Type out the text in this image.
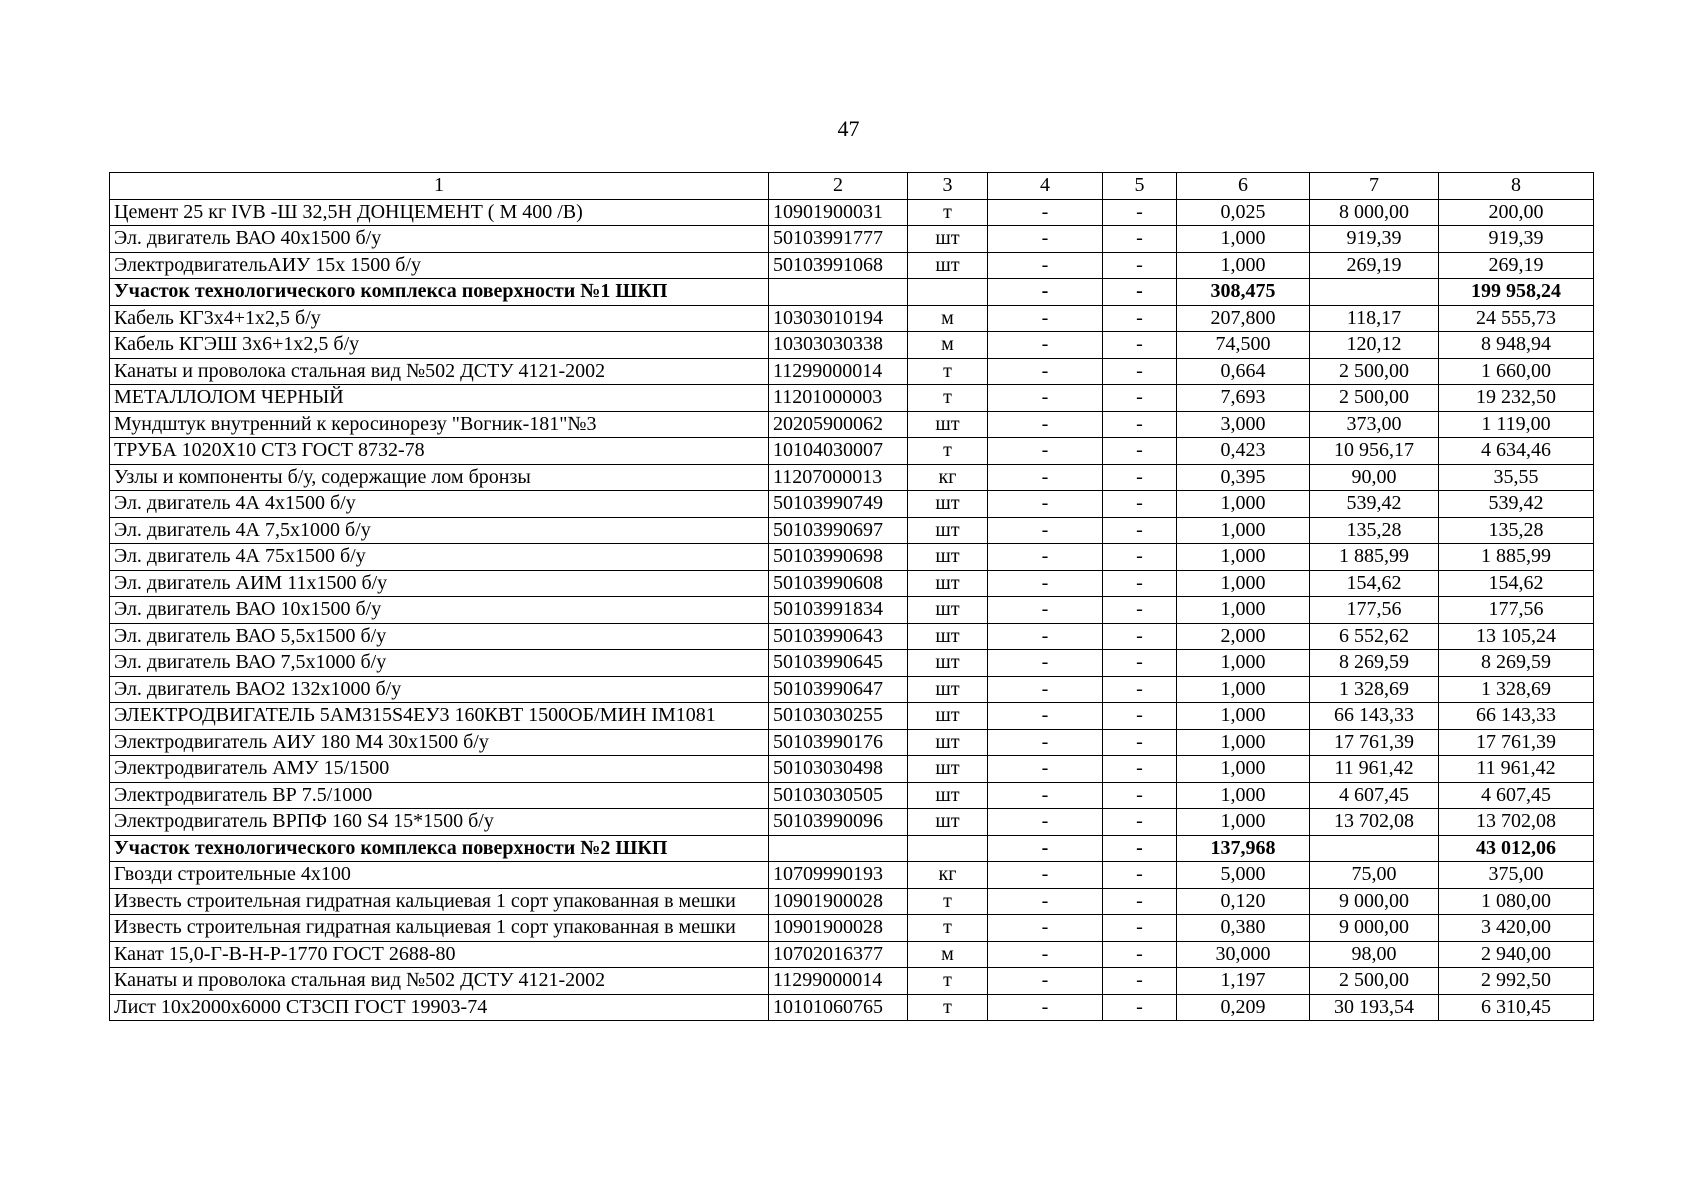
47
1	2	3	4	5	6	7	8
Цемент 25 кг IVB -Ш 32,5Н ДОНЦЕМЕНТ ( М 400 /В)	10901900031	т	-	-	0,025	8 000,00	200,00
Эл. двигатель ВАО 40х1500 б/у	50103991777	шт	-	-	1,000	919,39	919,39
ЭлектродвигательАИУ 15х 1500 б/у	50103991068	шт	-	-	1,000	269,19	269,19
Участок технологического комплекса поверхности №1 ШКП			-	-	308,475		199 958,24
Кабель КГ3х4+1х2,5 б/у	10303010194	м	-	-	207,800	118,17	24 555,73
Кабель КГЭШ 3х6+1х2,5 б/у	10303030338	м	-	-	74,500	120,12	8 948,94
Канаты и проволока стальная вид №502 ДСТУ 4121-2002	11299000014	т	-	-	0,664	2 500,00	1 660,00
МЕТАЛЛОЛОМ ЧЕРНЫЙ	11201000003	т	-	-	7,693	2 500,00	19 232,50
Мундштук внутренний к керосинорезу "Вогник-181"№3	20205900062	шт	-	-	3,000	373,00	1 119,00
ТРУБА 1020Х10 СТ3 ГОСТ 8732-78	10104030007	т	-	-	0,423	10 956,17	4 634,46
Узлы и компоненты б/у, содержащие лом бронзы	11207000013	кг	-	-	0,395	90,00	35,55
Эл. двигатель 4А 4х1500 б/у	50103990749	шт	-	-	1,000	539,42	539,42
Эл. двигатель 4А 7,5х1000 б/у	50103990697	шт	-	-	1,000	135,28	135,28
Эл. двигатель 4А 75х1500 б/у	50103990698	шт	-	-	1,000	1 885,99	1 885,99
Эл. двигатель АИМ 11х1500 б/у	50103990608	шт	-	-	1,000	154,62	154,62
Эл. двигатель ВАО 10х1500 б/у	50103991834	шт	-	-	1,000	177,56	177,56
Эл. двигатель ВАО 5,5х1500 б/у	50103990643	шт	-	-	2,000	6 552,62	13 105,24
Эл. двигатель ВАО 7,5х1000 б/у	50103990645	шт	-	-	1,000	8 269,59	8 269,59
Эл. двигатель ВАО2 132х1000 б/у	50103990647	шт	-	-	1,000	1 328,69	1 328,69
ЭЛЕКТРОДВИГАТЕЛЬ 5АМ315S4ЕУ3 160КВТ 1500ОБ/МИН IM1081	50103030255	шт	-	-	1,000	66 143,33	66 143,33
Электродвигатель АИУ 180 М4 30х1500 б/у	50103990176	шт	-	-	1,000	17 761,39	17 761,39
Электродвигатель АМУ 15/1500	50103030498	шт	-	-	1,000	11 961,42	11 961,42
Электродвигатель ВР 7.5/1000	50103030505	шт	-	-	1,000	4 607,45	4 607,45
Электродвигатель ВРПФ 160 S4 15*1500 б/у	50103990096	шт	-	-	1,000	13 702,08	13 702,08
Участок технологического комплекса поверхности №2 ШКП			-	-	137,968		43 012,06
Гвозди строительные 4х100	10709990193	кг	-	-	5,000	75,00	375,00
Известь строительная гидратная кальциевая 1 сорт упакованная в мешки	10901900028	т	-	-	0,120	9 000,00	1 080,00
Известь строительная гидратная кальциевая 1 сорт упакованная в мешки	10901900028	т	-	-	0,380	9 000,00	3 420,00
Канат 15,0-Г-В-Н-Р-1770 ГОСТ 2688-80	10702016377	м	-	-	30,000	98,00	2 940,00
Канаты и проволока стальная вид №502 ДСТУ 4121-2002	11299000014	т	-	-	1,197	2 500,00	2 992,50
Лист 10х2000х6000 СТ3СП ГОСТ 19903-74	10101060765	т	-	-	0,209	30 193,54	6 310,45
